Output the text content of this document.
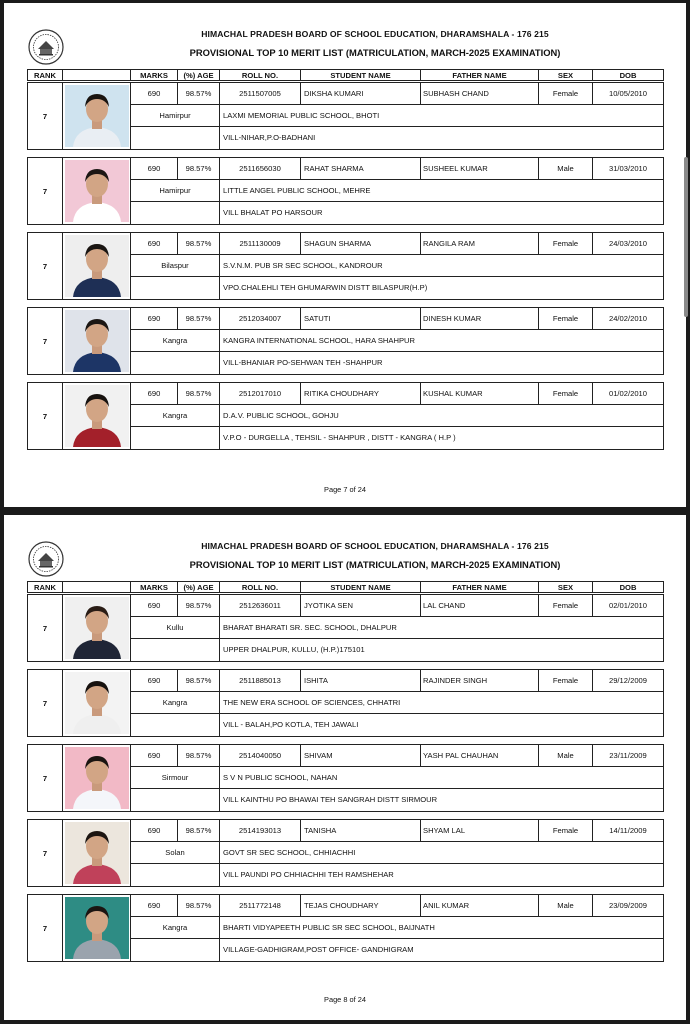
HIMACHAL PRADESH BOARD OF SCHOOL EDUCATION, DHARAMSHALA - 176 215
PROVISIONAL TOP 10 MERIT LIST (MATRICULATION, MARCH-2025 EXAMINATION)
RANK	MARKS	(%) AGE	ROLL NO.	STUDENT NAME	FATHER NAME	SEX	DOB
Page 7 of 24
7
690	98.57%	2511507005	DIKSHA KUMARI	SUBHASH CHAND	Female	10/05/2010
Hamirpur	LAXMI MEMORIAL PUBLIC SCHOOL, BHOTI
VILL-NIHAR,P.O-BADHANI
7
690	98.57%	2511656030	RAHAT SHARMA	SUSHEEL KUMAR	Male	31/03/2010
Hamirpur	LITTLE ANGEL PUBLIC SCHOOL, MEHRE
VILL BHALAT PO HARSOUR
7
690	98.57%	2511130009	SHAGUN SHARMA	RANGILA RAM	Female	24/03/2010
Bilaspur	S.V.N.M. PUB SR SEC SCHOOL, KANDROUR
VPO.CHALEHLI TEH GHUMARWIN DISTT BILASPUR(H.P)
7
690	98.57%	2512034007	SATUTI	DINESH KUMAR	Female	24/02/2010
Kangra	KANGRA INTERNATIONAL SCHOOL, HARA SHAHPUR
VILL-BHANIAR PO-SEHWAN TEH -SHAHPUR
7
690	98.57%	2512017010	RITIKA CHOUDHARY	KUSHAL KUMAR	Female	01/02/2010
Kangra	D.A.V. PUBLIC SCHOOL, GOHJU
V.P.O - DURGELLA , TEHSIL - SHAHPUR , DISTT - KANGRA ( H.P )
HIMACHAL PRADESH BOARD OF SCHOOL EDUCATION, DHARAMSHALA - 176 215
PROVISIONAL TOP 10 MERIT LIST (MATRICULATION, MARCH-2025 EXAMINATION)
RANK	MARKS	(%) AGE	ROLL NO.	STUDENT NAME	FATHER NAME	SEX	DOB
Page 8 of 24
7
690	98.57%	2512636011	JYOTIKA SEN	LAL CHAND	Female	02/01/2010
Kullu	BHARAT BHARATI SR. SEC. SCHOOL, DHALPUR
UPPER DHALPUR, KULLU, (H.P.)175101
7
690	98.57%	2511885013	ISHITA	RAJINDER SINGH	Female	29/12/2009
Kangra	THE NEW ERA SCHOOL OF SCIENCES, CHHATRI
VILL - BALAH,PO KOTLA, TEH JAWALI
7
690	98.57%	2514040050	SHIVAM	YASH PAL CHAUHAN	Male	23/11/2009
Sirmour	S V N PUBLIC SCHOOL, NAHAN
VILL KAINTHU PO BHAWAI TEH SANGRAH DISTT SIRMOUR
7
690	98.57%	2514193013	TANISHA	SHYAM LAL	Female	14/11/2009
Solan	GOVT SR SEC SCHOOL, CHHIACHHI
VILL PAUNDI PO CHHIACHHI TEH RAMSHEHAR
7
690	98.57%	2511772148	TEJAS CHOUDHARY	ANIL KUMAR	Male	23/09/2009
Kangra	BHARTI VIDYAPEETH PUBLIC SR SEC SCHOOL, BAIJNATH
VILLAGE-GADHIGRAM,POST OFFICE- GANDHIGRAM
